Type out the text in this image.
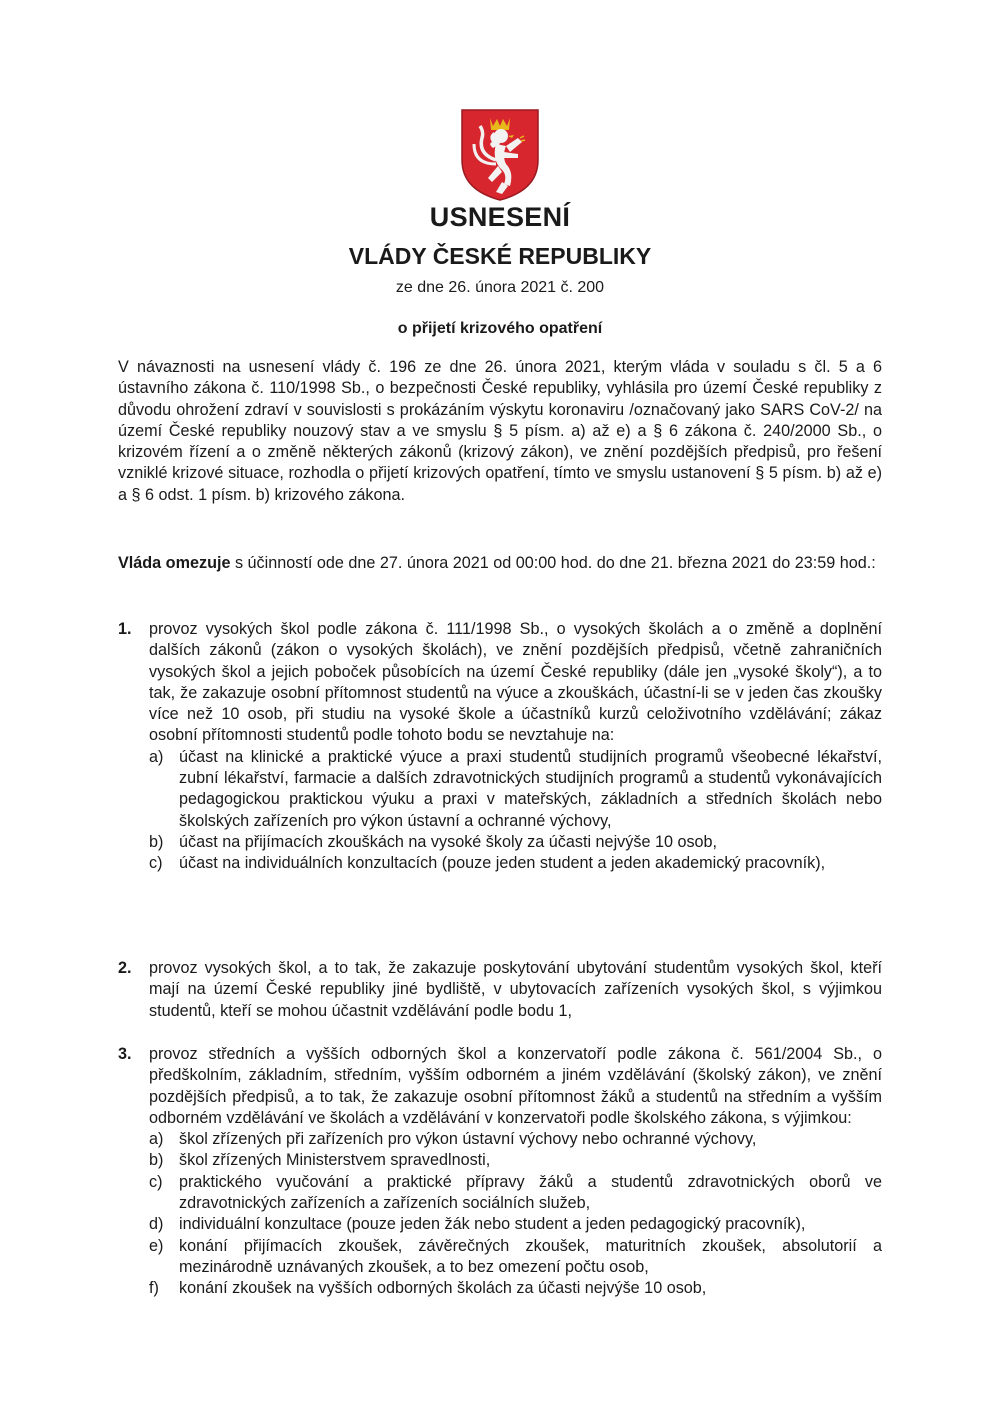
USNESENÍ
VLÁDY ČESKÉ REPUBLIKY
ze dne 26. února 2021 č. 200
o přijetí krizového opatření
V návaznosti na usnesení vlády č. 196 ze dne 26. února 2021, kterým vláda v souladu s čl. 5 a 6 ústavního zákona č. 110/1998 Sb., o bezpečnosti České republiky, vyhlásila pro území České republiky z důvodu ohrožení zdraví v souvislosti s prokázáním výskytu koronaviru /označovaný jako SARS CoV-2/ na území České republiky nouzový stav a ve smyslu § 5 písm. a) až e) a § 6 zákona č. 240/2000 Sb., o krizovém řízení a o změně některých zákonů (krizový zákon), ve znění pozdějších předpisů, pro řešení vzniklé krizové situace, rozhodla o přijetí krizových opatření, tímto ve smyslu ustanovení § 5 písm. b) až e) a § 6 odst. 1 písm. b) krizového zákona.
Vláda omezuje s účinností ode dne 27. února 2021 od 00:00 hod. do dne 21. března 2021 do 23:59 hod.:
1. provoz vysokých škol podle zákona č. 111/1998 Sb., o vysokých školách a o změně a doplnění dalších zákonů (zákon o vysokých školách), ve znění pozdějších předpisů, včetně zahraničních vysokých škol a jejich poboček působících na území České republiky (dále jen „vysoké školy“), a to tak, že zakazuje osobní přítomnost studentů na výuce a zkouškách, účastní-li se v jeden čas zkoušky více než 10 osob, při studiu na vysoké škole a účastníků kurzů celoživotního vzdělávání; zákaz osobní přítomnosti studentů podle tohoto bodu se nevztahuje na:
a) účast na klinické a praktické výuce a praxi studentů studijních programů všeobecné lékařství, zubní lékařství, farmacie a dalších zdravotnických studijních programů a studentů vykonávajících pedagogickou praktickou výuku a praxi v mateřských, základních a středních školách nebo školských zařízeních pro výkon ústavní a ochranné výchovy,
b) účast na přijímacích zkouškách na vysoké školy za účasti nejvýše 10 osob,
c) účast na individuálních konzultacích (pouze jeden student a jeden akademický pracovník),
2. provoz vysokých škol, a to tak, že zakazuje poskytování ubytování studentům vysokých škol, kteří mají na území České republiky jiné bydliště, v ubytovacích zařízeních vysokých škol, s výjimkou studentů, kteří se mohou účastnit vzdělávání podle bodu 1,
3. provoz středních a vyšších odborných škol a konzervatoří podle zákona č. 561/2004 Sb., o předškolním, základním, středním, vyšším odborném a jiném vzdělávání (školský zákon), ve znění pozdějších předpisů, a to tak, že zakazuje osobní přítomnost žáků a studentů na středním a vyšším odborném vzdělávání ve školách a vzdělávání v konzervatoři podle školského zákona, s výjimkou:
a) škol zřízených při zařízeních pro výkon ústavní výchovy nebo ochranné výchovy,
b) škol zřízených Ministerstvem spravedlnosti,
c) praktického vyučování a praktické přípravy žáků a studentů zdravotnických oborů ve zdravotnických zařízeních a zařízeních sociálních služeb,
d) individuální konzultace (pouze jeden žák nebo student a jeden pedagogický pracovník),
e) konání přijímacích zkoušek, závěrečných zkoušek, maturitních zkoušek, absolutorií a mezinárodně uznávaných zkoušek, a to bez omezení počtu osob,
f) konání zkoušek na vyšších odborných školách za účasti nejvýše 10 osob,
